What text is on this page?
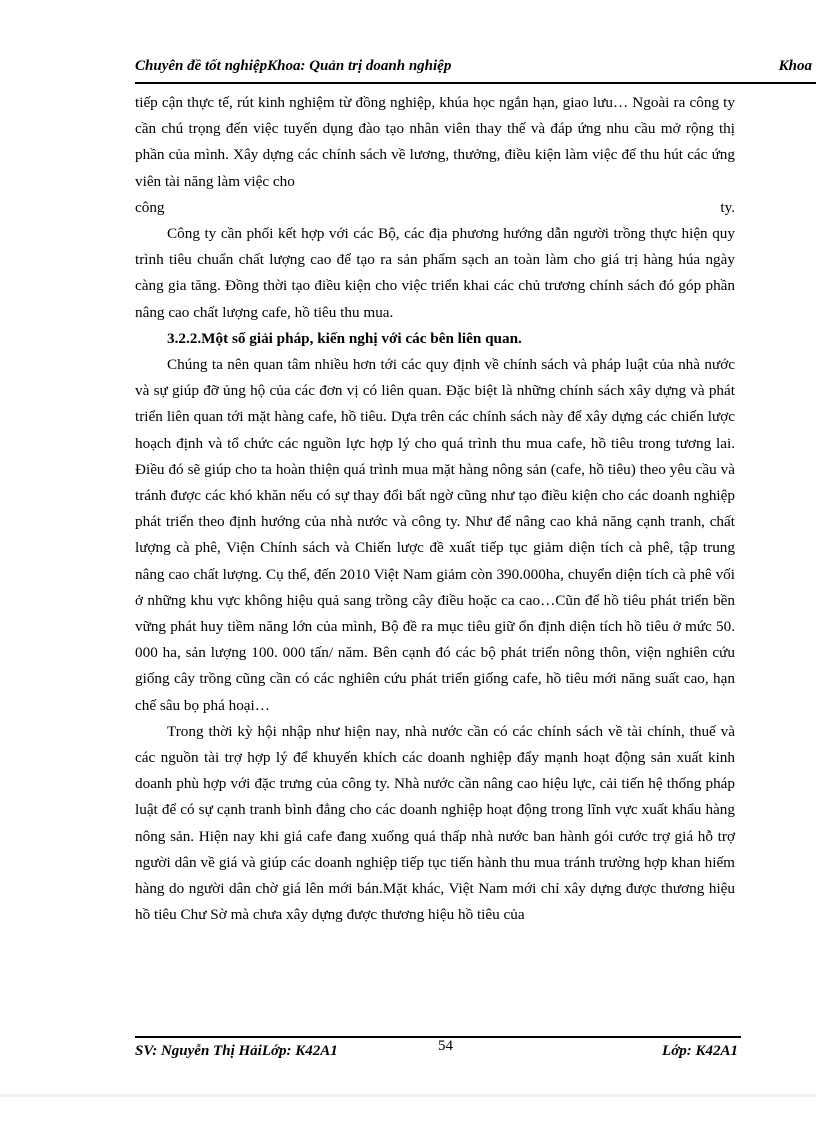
Chuyên đề tốt nghiệpKhoa: Quản trị doanh nghiệp	Khoa

tiếp cận thực tế, rút kinh nghiệm từ đồng nghiệp, khúa học ngắn hạn, giao lưu… Ngoài ra công ty cần chú trọng đến việc tuyển dụng đào tạo nhân viên thay thế và đáp ứng nhu cầu mở rộng thị phần của mình. Xây dựng các chính sách về lương, thưởng, điều kiện làm việc để thu hút các ứng viên tài năng làm việc cho

công	ty.

Công ty cần phối kết hợp với các Bộ, các địa phương hướng dẫn người trồng thực hiện quy trình tiêu chuẩn chất lượng cao để tạo ra sản phẩm sạch an toàn làm cho giá trị hàng húa ngày càng gia tăng. Đồng thời tạo điều kiện cho việc triển khai các chủ trương chính sách đó góp phần nâng cao chất lượng cafe, hồ tiêu thu mua.

3.2.2.Một số giải pháp, kiến nghị với các bên liên quan.

Chúng ta nên quan tâm nhiều hơn tới các quy định về chính sách và pháp luật của nhà nước và sự giúp đỡ ủng hộ của các đơn vị có liên quan. Đặc biệt là những chính sách xây dựng và phát triển liên quan tới mặt hàng cafe, hồ tiêu. Dựa trên các chính sách này để xây dựng các chiến lược hoạch định và tổ chức các nguồn lực hợp lý cho quá trình thu mua cafe, hồ tiêu trong tương lai. Điều đó sẽ giúp cho ta hoàn thiện quá trình mua mặt hàng nông sản (cafe, hồ tiêu) theo yêu cầu và tránh được các khó khăn nếu có sự thay đổi bất ngờ cũng như tạo điều kiện cho các doanh nghiệp phát triển theo định hướng của nhà nước và công ty. Như để nâng cao khả năng cạnh tranh, chất lượng cà phê, Viện Chính sách và Chiến lược đề xuất tiếp tục giảm diện tích cà phê, tập trung nâng cao chất lượng. Cụ thể, đến 2010 Việt Nam giảm còn 390.000ha, chuyển diện tích cà phê vối ở những khu vực không hiệu quả sang trồng cây điều hoặc ca cao…Cũn để hồ tiêu phát triển bền vững phát huy tiềm năng lớn của mình, Bộ đề ra mục tiêu giữ ổn định diện tích hồ tiêu ở mức 50. 000 ha, sản lượng 100. 000 tấn/ năm. Bên cạnh đó các bộ phát triển nông thôn, viện nghiên cứu giống cây trồng cũng cần có các nghiên cứu phát triển giống cafe, hồ tiêu mới năng suất cao, hạn chế sâu bọ phá hoại…

Trong thời kỳ hội nhập như hiện nay, nhà nước cần có các chính sách về tài chính, thuế và các nguồn tài trợ hợp lý để khuyến khích các doanh nghiệp đẩy mạnh hoạt động sản xuất kinh doanh phù hợp với đặc trưng của công ty. Nhà nước cần nâng cao hiệu lực, cải tiến hệ thống pháp luật để có sự cạnh tranh bình đẳng cho các doanh nghiệp hoạt động trong lĩnh vực xuất khẩu hàng nông sản. Hiện nay khi giá cafe đang xuống quá thấp nhà nước ban hành gói cước trợ giá hỗ trợ người dân về giá và giúp các doanh nghiệp tiếp tục tiến hành thu mua tránh trường hợp khan hiếm hàng do người dân chờ giá lên mới bán.Mặt khác, Việt Nam mới chỉ xây dựng được thương hiệu hồ tiêu Chư Sờ mà chưa xây dựng được thương hiệu hồ tiêu của

SV: Nguyễn Thị HảiLớp: K42A1	54	Lớp: K42A1
